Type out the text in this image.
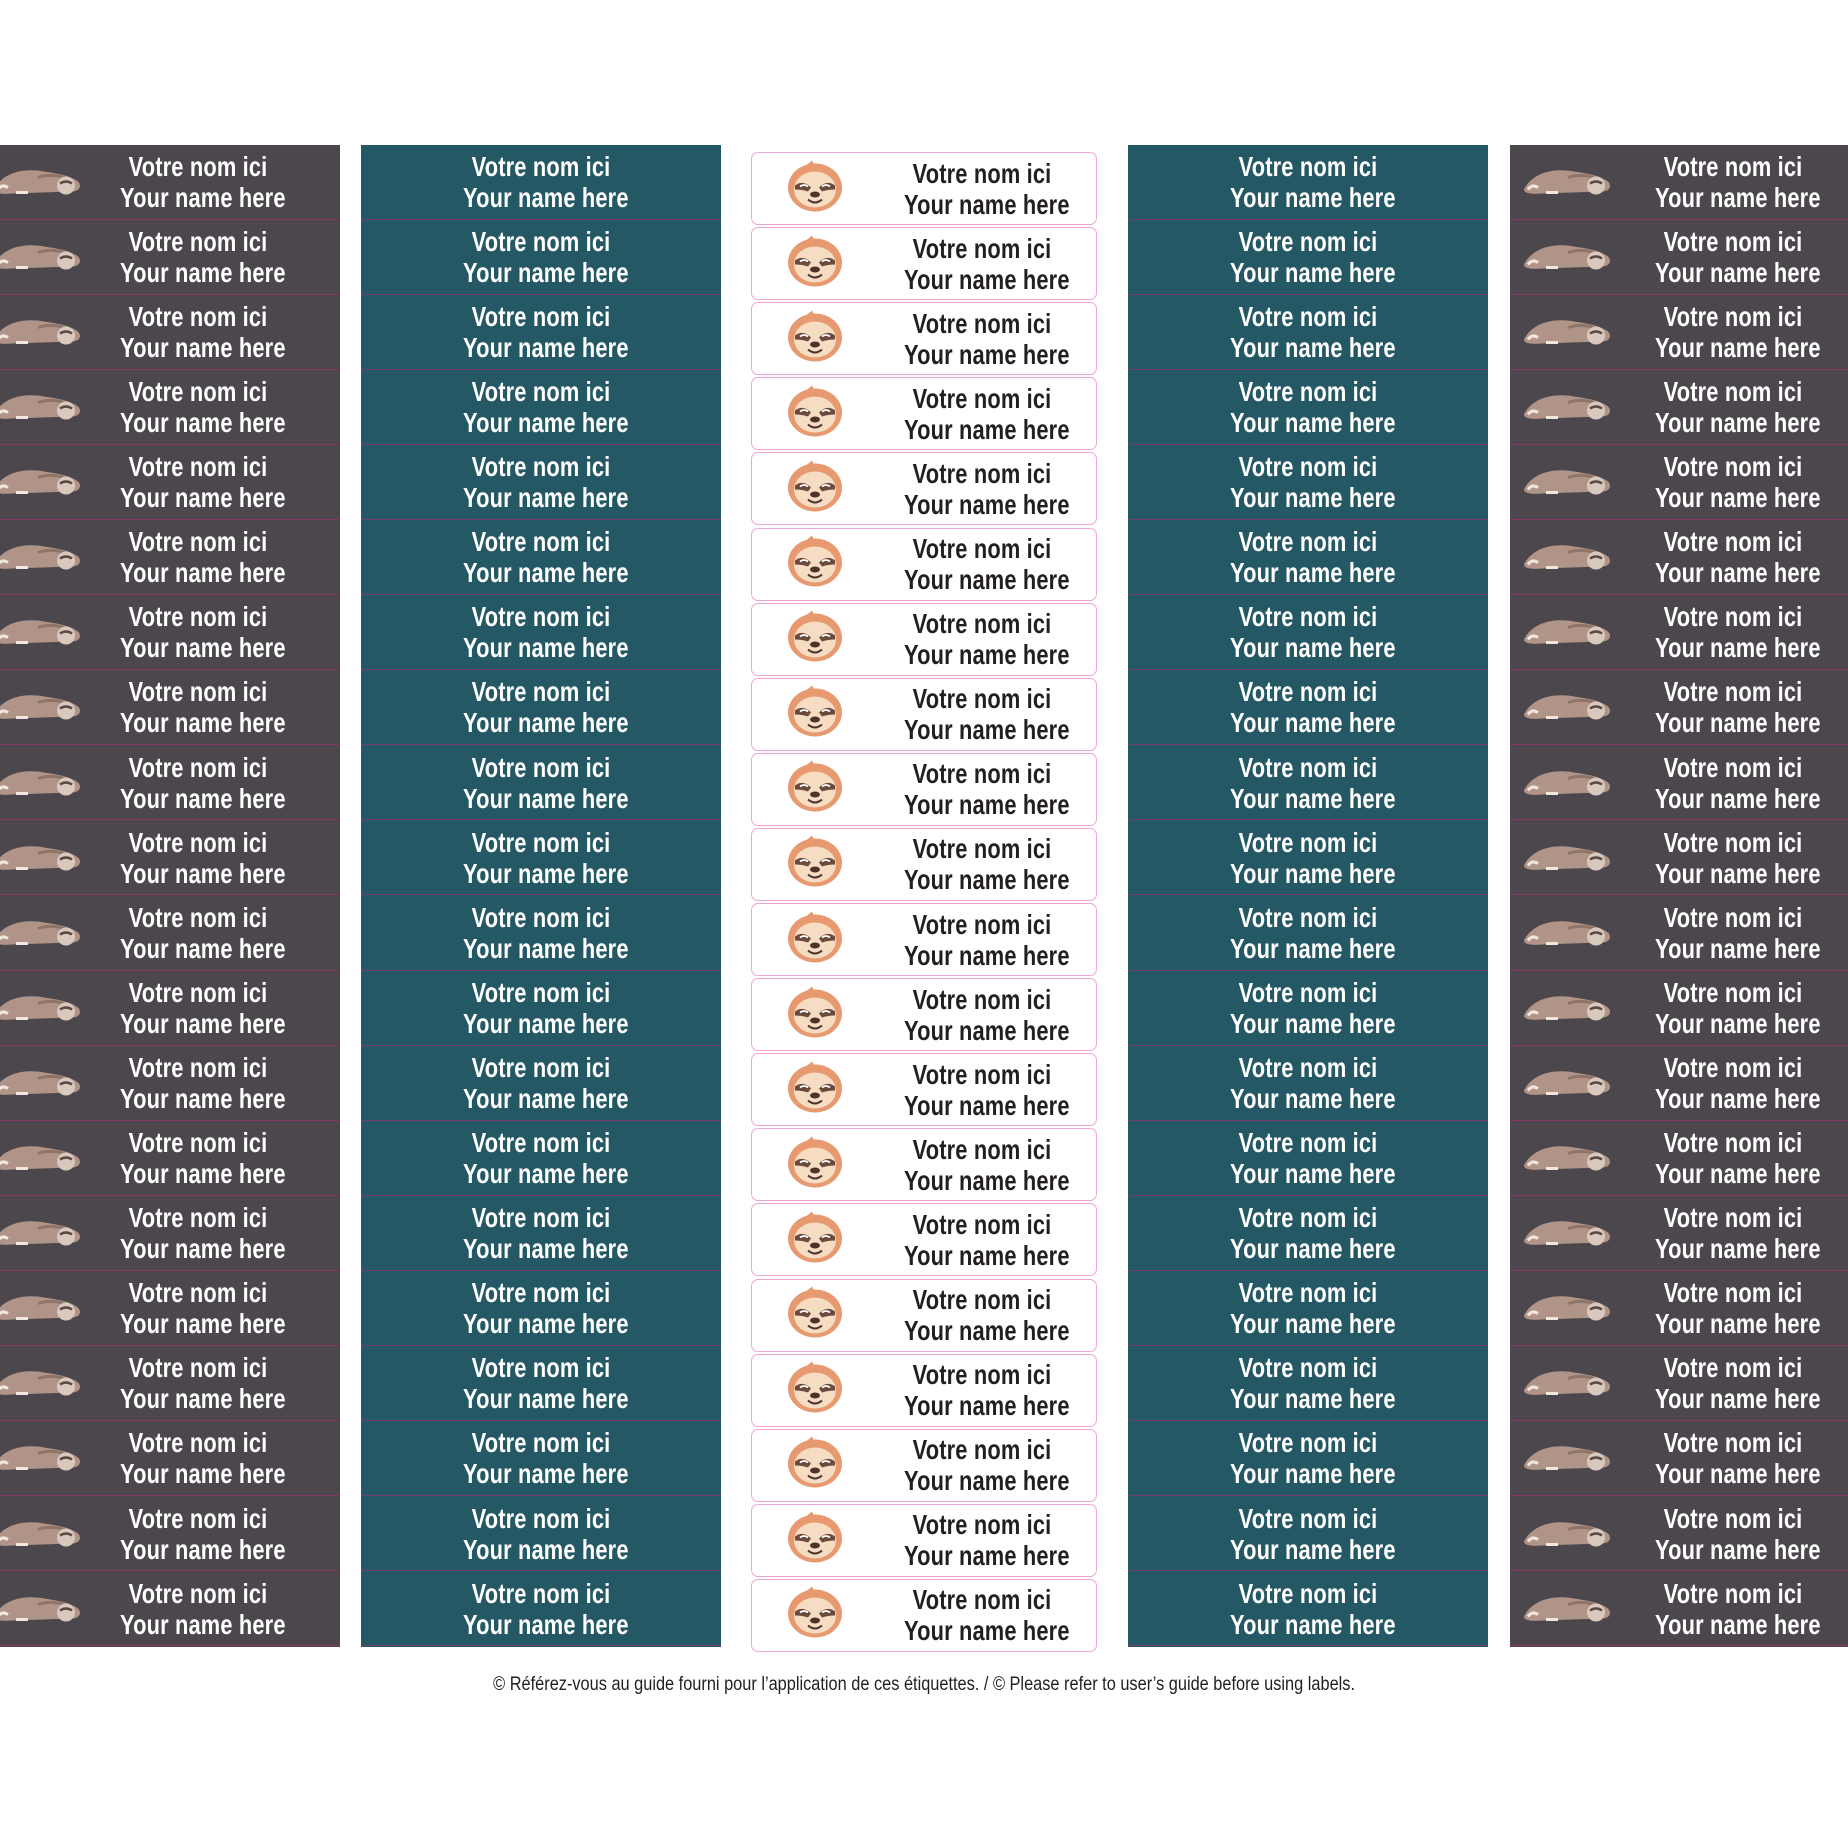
Votre nom ici
Your name here
Votre nom ici
Your name here
Votre nom ici
Your name here
Votre nom ici
Your name here
Votre nom ici
Your name here
Votre nom ici
Your name here
Votre nom ici
Your name here
Votre nom ici
Your name here
Votre nom ici
Your name here
Votre nom ici
Your name here
Votre nom ici
Your name here
Votre nom ici
Your name here
Votre nom ici
Your name here
Votre nom ici
Your name here
Votre nom ici
Your name here
Votre nom ici
Your name here
Votre nom ici
Your name here
Votre nom ici
Your name here
Votre nom ici
Your name here
Votre nom ici
Your name here
Votre nom ici
Your name here
Votre nom ici
Your name here
Votre nom ici
Your name here
Votre nom ici
Your name here
Votre nom ici
Your name here
Votre nom ici
Your name here
Votre nom ici
Your name here
Votre nom ici
Your name here
Votre nom ici
Your name here
Votre nom ici
Your name here
Votre nom ici
Your name here
Votre nom ici
Your name here
Votre nom ici
Your name here
Votre nom ici
Your name here
Votre nom ici
Your name here
Votre nom ici
Your name here
Votre nom ici
Your name here
Votre nom ici
Your name here
Votre nom ici
Your name here
Votre nom ici
Your name here
Votre nom ici
Your name here
Votre nom ici
Your name here
Votre nom ici
Your name here
Votre nom ici
Your name here
Votre nom ici
Your name here
Votre nom ici
Your name here
Votre nom ici
Your name here
Votre nom ici
Your name here
Votre nom ici
Your name here
Votre nom ici
Your name here
Votre nom ici
Your name here
Votre nom ici
Your name here
Votre nom ici
Your name here
Votre nom ici
Your name here
Votre nom ici
Your name here
Votre nom ici
Your name here
Votre nom ici
Your name here
Votre nom ici
Your name here
Votre nom ici
Your name here
Votre nom ici
Your name here
Votre nom ici
Your name here
Votre nom ici
Your name here
Votre nom ici
Your name here
Votre nom ici
Your name here
Votre nom ici
Your name here
Votre nom ici
Your name here
Votre nom ici
Your name here
Votre nom ici
Your name here
Votre nom ici
Your name here
Votre nom ici
Your name here
Votre nom ici
Your name here
Votre nom ici
Your name here
Votre nom ici
Your name here
Votre nom ici
Your name here
Votre nom ici
Your name here
Votre nom ici
Your name here
Votre nom ici
Your name here
Votre nom ici
Your name here
Votre nom ici
Your name here
Votre nom ici
Your name here
Votre nom ici
Your name here
Votre nom ici
Your name here
Votre nom ici
Your name here
Votre nom ici
Your name here
Votre nom ici
Your name here
Votre nom ici
Your name here
Votre nom ici
Your name here
Votre nom ici
Your name here
Votre nom ici
Your name here
Votre nom ici
Your name here
Votre nom ici
Your name here
Votre nom ici
Your name here
Votre nom ici
Your name here
Votre nom ici
Your name here
Votre nom ici
Your name here
Votre nom ici
Your name here
Votre nom ici
Your name here
Votre nom ici
Your name here
Votre nom ici
Your name here
Votre nom ici
Your name here
© Référez-vous au guide fourni pour l’application de ces étiquettes. / © Please refer to user’s guide before using labels.
